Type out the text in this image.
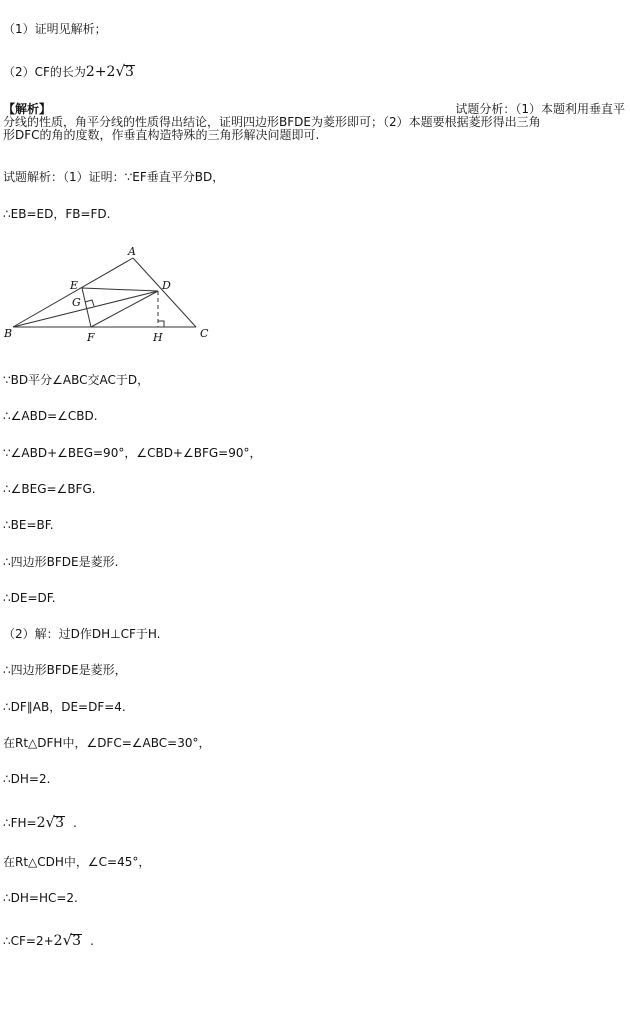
（1）证明见解析；
（2）CF的长为2+2√3
【解析】	试题分析：（1）本题利用垂直平
分线的性质，角平分线的性质得出结论，证明四边形BFDE为菱形即可；（2）本题要根据菱形得出三角
形DFC的角的度数，作垂直构造特殊的三角形解决问题即可.
试题解析：（1）证明：∵EF垂直平分BD，
∴EB=ED，FB=FD.
A
E	D
G
B	F	H	C
∵BD平分∠ABC交AC于D，
∴∠ABD=∠CBD.
∵∠ABD+∠BEG=90°，∠CBD+∠BFG=90°，
∴∠BEG=∠BFG.
∴BE=BF.
∴四边形BFDE是菱形.
∴DE=DF.
（2）解：过D作DH⊥CF于H.
∴四边形BFDE是菱形，
∴DF∥AB，DE=DF=4.
在Rt△DFH中，∠DFC=∠ABC=30°，
∴DH=2.
∴FH=2√3 .
在Rt△CDH中，∠C=45°，
∴DH=HC=2.
∴CF=2+2√3 .
